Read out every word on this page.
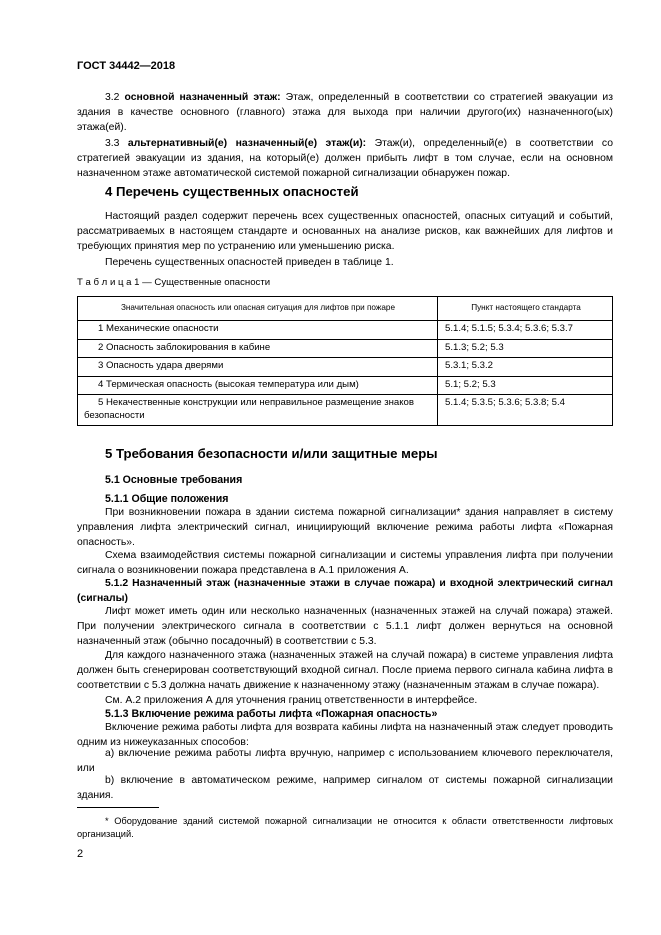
ГОСТ 34442—2018
3.2 основной назначенный этаж: Этаж, определенный в соответствии со стратегией эвакуации из здания в качестве основного (главного) этажа для выхода при наличии другого(их) назначенного(ых) этажа(ей).
3.3 альтернативный(е) назначенный(е) этаж(и): Этаж(и), определенный(е) в соответствии со стратегией эвакуации из здания, на который(е) должен прибыть лифт в том случае, если на основном назначенном этаже автоматической системой пожарной сигнализации обнаружен пожар.
4 Перечень существенных опасностей
Настоящий раздел содержит перечень всех существенных опасностей, опасных ситуаций и событий, рассматриваемых в настоящем стандарте и основанных на анализе рисков, как важнейших для лифтов и требующих принятия мер по устранению или уменьшению риска.
Перечень существенных опасностей приведен в таблице 1.
Т а б л и ц а 1 — Существенные опасности
Значительная опасность или опасная ситуация для лифтов при пожаре	Пункт настоящего стандарта
1 Механические опасности	5.1.4; 5.1.5; 5.3.4; 5.3.6; 5.3.7
2 Опасность заблокирования в кабине	5.1.3; 5.2; 5.3
3 Опасность удара дверями	5.3.1; 5.3.2
4 Термическая опасность (высокая температура или дым)	5.1; 5.2; 5.3
5 Некачественные конструкции или неправильное размещение знаков безопасности	5.1.4; 5.3.5; 5.3.6; 5.3.8; 5.4
5 Требования безопасности и/или защитные меры
5.1 Основные требования
5.1.1 Общие положения
При возникновении пожара в здании система пожарной сигнализации* здания направляет в систему управления лифта электрический сигнал, инициирующий включение режима работы лифта «Пожарная опасность».
Схема взаимодействия системы пожарной сигнализации и системы управления лифта при получении сигнала о возникновении пожара представлена в А.1 приложения А.
5.1.2 Назначенный этаж (назначенные этажи в случае пожара) и входной электрический сигнал (сигналы)
Лифт может иметь один или несколько назначенных (назначенных этажей на случай пожара) этажей. При получении электрического сигнала в соответствии с 5.1.1 лифт должен вернуться на основной назначенный этаж (обычно посадочный) в соответствии с 5.3.
Для каждого назначенного этажа (назначенных этажей на случай пожара) в системе управления лифта должен быть сгенерирован соответствующий входной сигнал. После приема первого сигнала кабина лифта в соответствии с 5.3 должна начать движение к назначенному этажу (назначенным этажам в случае пожара).
См. А.2 приложения А для уточнения границ ответственности в интерфейсе.
5.1.3 Включение режима работы лифта «Пожарная опасность»
Включение режима работы лифта для возврата кабины лифта на назначенный этаж следует проводить одним из нижеуказанных способов:
a) включение режима работы лифта вручную, например с использованием ключевого переключателя, или
b) включение в автоматическом режиме, например сигналом от системы пожарной сигнализации здания.
* Оборудование зданий системой пожарной сигнализации не относится к области ответственности лифтовых организаций.
2
